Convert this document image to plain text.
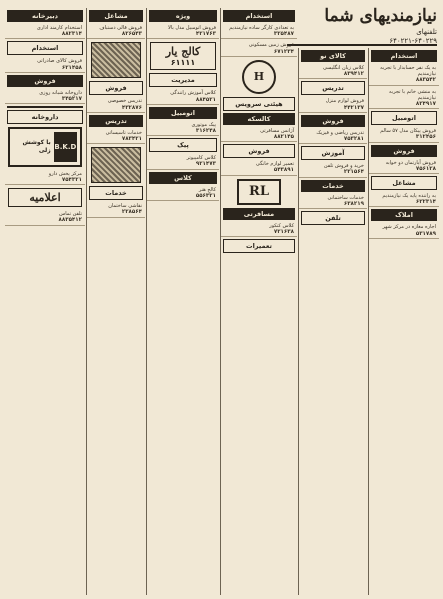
نیازمندیهای شما
تلفنهای
۶۴۰۲۲۱-۶۴۰۲۲۹
استخدام
به یک نفر حسابدار با تجربه نیازمندیم
۸۸۳۵۴۲
به منشی خانم با تجربه نیازمندیم
۸۲۴۹۱۷
اتومبیل
فروش پیکان مدل ۵۷ سالم
۳۱۲۴۵۶
فروش
فروش آپارتمان دو خوابه
۷۵۶۱۲۸
مشاغل
به راننده پایه یک نیازمندیم
۶۲۲۳۱۴
املاک
اجاره مغازه در مرکز شهر
۵۳۱۷۸۹
کالای نو
کلاس زبان انگلیسی
۸۳۹۴۱۲
تدریس
فروش لوازم منزل
۴۴۲۱۳۷
فروش
تدریس ریاضی و فیزیک
۷۵۳۲۸۱
آموزش
خرید و فروش تلفن
۲۲۱۵۶۴
خدمات
خدمات ساختمانی
۶۳۸۲۱۹
تلفن
استخدام
به تعدادی کارگر ساده نیازمندیم
۳۲۵۴۸۷
فروش زمین مسکونی
۶۷۱۲۳۴
H
هیئتی سرویس
کالسکه
آژانس مسافرتی
۸۸۲۱۴۵
فروش
تعمیر لوازم خانگی
۵۴۳۸۹۱
RL
مسافرتی
کلاس کنکور
۷۲۱۶۳۸
تعمیرات
ویژه
فروش اتومبیل مدل بالا
۴۲۱۷۶۳
کالج یار
۶۱۱۱۱
مدیریت
کلاس آموزش رانندگی
۸۸۴۵۲۱
اتومبیل
پیک موتوری
۳۱۶۲۴۸
پیک
کلاس کامپیوتر
۹۲۱۴۷۳
کلاس
کالج هنر
۵۵۶۳۲۱
مشاغل
فروش قالی دستباف
۸۲۶۵۴۳
فروش
تدریس خصوصی
۴۳۲۸۷۶
تدریس
خدمات تاسیساتی
۷۸۳۴۲۱
خدمات
نقاشی ساختمان
۲۲۸۵۶۴
دبیرخانه
استخدام کارمند اداری
۸۸۲۳۱۴
استخدام
فروش کالای صادراتی
۶۲۱۴۵۸
فروش
داروخانه شبانه روزی
۳۴۵۲۱۷
داروخانه
B.K.D
با کوشش زلی
مرکز پخش دارو
۷۵۴۳۲۱
اعلامیه
تلفن تماس
۸۸۳۵۴۱۲
